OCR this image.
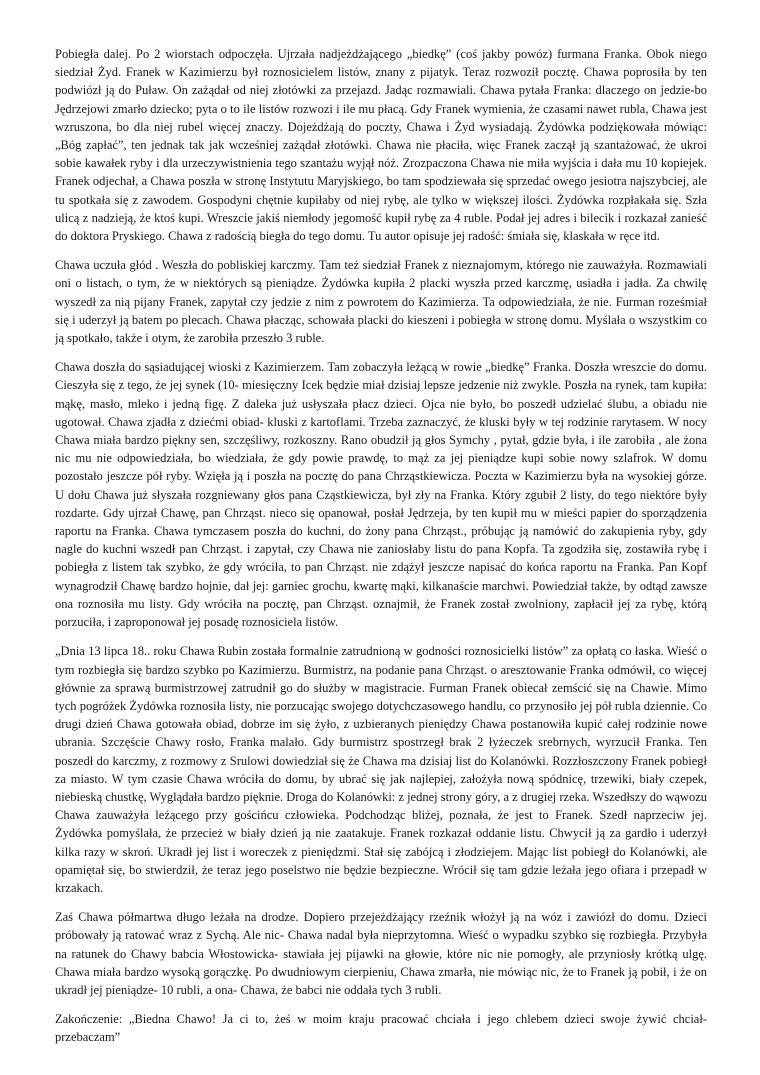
Pobiegła dalej. Po 2 wiorstach odpoczęła. Ujrzała nadjeżdżającego „biedkę” (coś jakby powóz) furmana Franka. Obok niego siedział Żyd. Franek w Kazimierzu był roznosicielem listów, znany z pijatyk. Teraz rozwoził pocztę. Chawa poprosiła by ten podwiózł ją do Puław. On zażądał od niej złotówki za przejazd. Jadąc rozmawiali. Chawa pytała Franka: dlaczego on jedzie-bo Jędrzejowi zmarło dziecko; pyta o to ile listów rozwozi i ile mu płacą. Gdy Franek wymienia, że czasami nawet rubla, Chawa jest wzruszona, bo dla niej rubel więcej znaczy. Dojeżdżają do poczty, Chawa i Żyd wysiadają. Żydówka podziękowała mówiąc: „Bóg zapłać”, ten jednak tak jak wcześniej zażądał złotówki. Chawa nie płaciła, więc Franek zaczął ją szantażować, że ukroi sobie kawałek ryby i dla urzeczywistnienia tego szantażu wyjął nóż. Zrozpaczona Chawa nie miła wyjścia i dała mu 10 kopiejek. Franek odjechał, a Chawa poszła w stronę Instytutu Maryjskiego, bo tam spodziewała się sprzedać owego jesiotra najszybciej, ale tu spotkała się z zawodem. Gospodyni chętnie kupiłaby od niej rybę, ale tylko w większej ilości. Żydówka rozpłakała się. Szła ulicą z nadzieją, że ktoś kupi. Wreszcie jakiś niemłody jegomość kupił rybę za 4 ruble. Podał jej adres i bilecik i rozkazał zanieść do doktora Pryskiego. Chawa z radością biegła do tego domu. Tu autor opisuje jej radość: śmiała się, klaskała w ręce itd.

Chawa uczuła głód . Weszła do pobliskiej karczmy. Tam też siedział Franek z nieznajomym, którego nie zauważyła. Rozmawiali oni o listach, o tym, że w niektórych są pieniądze. Żydówka kupiła 2 placki wyszła przed karczmę, usiadła i jadła. Za chwilę wyszedł za nią pijany Franek, zapytał czy jedzie z nim z powrotem do Kazimierza. Ta odpowiedziała, że nie. Furman roześmiał się i uderzył ją batem po plecach. Chawa płacząc, schowała placki do kieszeni i pobiegła w stronę domu. Myślała o wszystkim co ją spotkało, także i otym, że zarobiła przeszło 3 ruble.

Chawa doszła do sąsiadującej wioski z Kazimierzem. Tam zobaczyła leżącą w rowie „biedkę” Franka. Doszła wreszcie do domu. Cieszyła się z tego, że jej synek (10- miesięczny Icek będzie miał dzisiaj lepsze jedzenie niż zwykle. Poszła na rynek, tam kupiła: mąkę, masło, mleko i jedną figę. Z daleka już usłyszała płacz dzieci. Ojca nie było, bo poszedł udzielać ślubu, a obiadu nie ugotował. Chawa zjadła z dziećmi obiad- kluski z kartoflami. Trzeba zaznaczyć, że kluski były w tej rodzinie rarytasem. W nocy Chawa miała bardzo piękny sen, szczęśliwy, rozkoszny. Rano obudził ją głos Symchy , pytał, gdzie była, i ile zarobiła , ale żona nic mu nie odpowiedziała, bo wiedziała, że gdy powie prawdę, to mąż za jej pieniądze kupi sobie nowy szlafrok. W domu pozostało jeszcze pół ryby. Wzięła ją i poszła na pocztę do pana Chrząstkiewicza. Poczta w Kazimierzu była na wysokiej górze. U dołu Chawa już słyszała rozgniewany głos pana Cząstkiewicza, był zły na Franka. Który zgubił 2 listy, do tego niektóre były rozdarte. Gdy ujrzał Chawę, pan Chrząst. nieco się opanował, posłał Jędrzeja, by ten kupił mu w mieści papier do sporządzenia raportu na Franka. Chawa tymczasem poszła do kuchni, do żony pana Chrząst., próbując ją namówić do zakupienia ryby, gdy nagle do kuchni wszedł pan Chrząst. i zapytał, czy Chawa nie zaniosłaby listu do pana Kopfa. Ta zgodziła się, zostawiła rybę i pobiegła z listem tak szybko, że gdy wróciła, to pan Chrząst. nie zdążył jeszcze napisać do końca raportu na Franka. Pan Kopf wynagrodził Chawę bardzo hojnie, dał jej: garniec grochu, kwartę mąki, kilkanaście marchwi. Powiedział także, by odtąd zawsze ona roznosiła mu listy. Gdy wróciła na pocztę, pan Chrząst. oznajmił, że Franek został zwolniony, zapłacił jej za rybę, którą porzuciła, i zaproponował jej posadę roznosiciela listów.

„Dnia 13 lipca 18.. roku Chawa Rubin została formalnie zatrudnioną w godności roznosicielki listów” za opłatą co łaska. Wieść o tym rozbiegła się bardzo szybko po Kazimierzu. Burmistrz, na podanie pana Chrząst. o aresztowanie Franka odmówił, co więcej głównie za sprawą burmistrzowej zatrudnił go do służby w magistracie. Furman Franek obiecał zemścić się na Chawie. Mimo tych pogróżek Żydówka roznosiła listy, nie porzucając swojego dotychczasowego handlu, co przynosiło jej pół rubla dziennie. Co drugi dzień Chawa gotowała obiad, dobrze im się żyło, z uzbieranych pieniędzy Chawa postanowiła kupić całej rodzinie nowe ubrania. Szczęście Chawy rosło, Franka malało. Gdy burmistrz spostrzegł brak 2 łyżeczek srebrnych, wyrzucił Franka. Ten poszedł do karczmy, z rozmowy z Srulowi dowiedział się że Chawa ma dzisiaj list do Kolanówki. Rozzłoszczony Franek pobiegł za miasto. W tym czasie Chawa wróciła do domu, by ubrać się jak najlepiej, założyła nową spódnicę, trzewiki, biały czepek, niebieską chustkę, Wyglądała bardzo pięknie. Droga do Kolanówki: z jednej strony góry, a z drugiej rzeka. Wszedłszy do wąwozu Chawa zauważyła leżącego przy gościńcu człowieka. Podchodząc bliżej, poznała, że jest to Franek. Szedł naprzeciw jej. Żydówka pomyślała, że przecież w biały dzień ją nie zaatakuje. Franek rozkazał oddanie listu. Chwycił ją za gardło i uderzył kilka razy w skroń. Ukradł jej list i woreczek z pieniędzmi. Stał się zabójcą i złodziejem. Mając list pobiegł do Kolanówki, ale opamiętał się, bo stwierdził, że teraz jego poselstwo nie będzie bezpieczne. Wrócił się tam gdzie leżała jego ofiara i przepadł w krzakach.

Zaś Chawa półmartwa długo leżała na drodze. Dopiero przejeżdżający rzeźnik włożył ją na wóz i zawiózł do domu. Dzieci próbowały ją ratować wraz z Sychą. Ale nic- Chawa nadal była nieprzytomna. Wieść o wypadku szybko się rozbiegła. Przybyła na ratunek do Chawy babcia Włostowicka- stawiała jej pijawki na głowie, które nic nie pomogły, ale przyniosły krótką ulgę. Chawa miała bardzo wysoką gorączkę. Po dwudniowym cierpieniu, Chawa zmarła, nie mówiąc nic, że to Franek ją pobił, i że on ukradł jej pieniądze- 10 rubli, a ona- Chawa, że babci nie oddała tych 3 rubli.

Zakończenie: „Biedna Chawo! Ja ci to, żeś w moim kraju pracować chciała i jego chlebem dzieci swoje żywić chciał-przebaczam”
